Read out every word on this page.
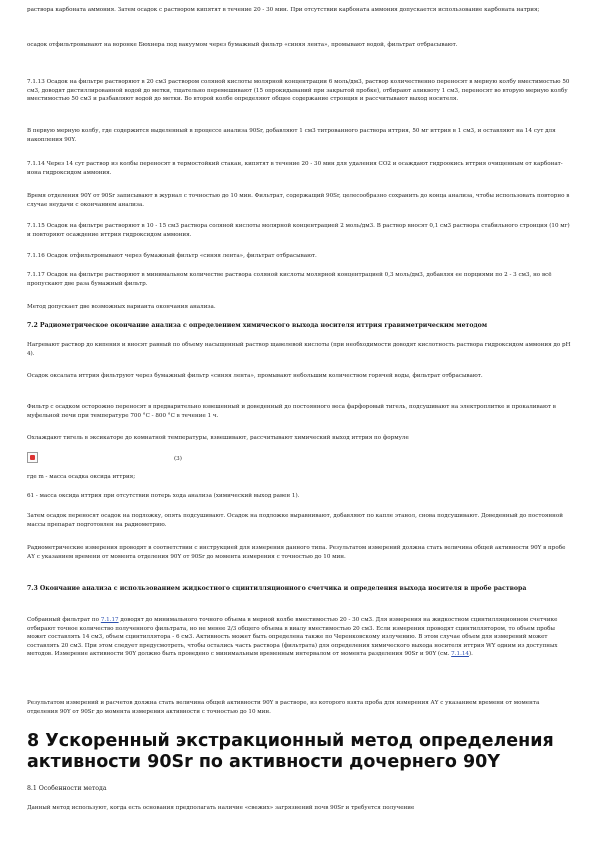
раствора карбоната аммония. Затем осадок с раствором кипятят в течение 20 - 30 мин. При отсутствии карбоната аммония допускается использование карбоната натрия;

осадок отфильтровывают на воронке Бюхнера под вакуумом через бумажный фильтр «синяя лента», промывают водой, фильтрат отбрасывают.

7.1.13 Осадок на фильтре растворяют в 20 см3 раствором соляной кислоты молярной концентрации 6 моль/дм3, раствор количественно переносят в мерную колбу вместимостью 50 см3, доводят дистиллированной водой до метки, тщательно перемешивают (15 опрокидываний при закрытой пробке), отбирают аликвоту 1 см3, переносят во вторую мерную колбу вместимостью 50 см3 и разбавляют водой до метки. Во второй колбе определяют общее содержание стронция и рассчитывают выход носителя.

В первую мерную колбу, где содержится выделенный в процессе анализа 90Sr, добавляют 1 см3 титрованного раствора иттрия, 50 мг иттрия в 1 см3, и оставляют на 14 сут для накопления 90Y.

7.1.14 Через 14 сут раствор из колбы переносят в термостойкий стакан, кипятят в течение 20 - 30 мин для удаления CO2 и осаждают гидроокись иттрия очищенным от карбонат-иона гидроксидом аммония.

Время отделения 90Y от 90Sr записывают в журнал с точностью до 10 мин. Фильтрат, содержащий 90Sr, целесообразно сохранить до конца анализа, чтобы использовать повторно в случае неудачи с окончанием анализа.

7.1.15 Осадок на фильтре растворяют в 10 - 15 см3 раствора соляной кислоты молярной концентрацией 2 моль/дм3. В раствор вносят 0,1 см3 раствора стабильного стронция (10 мг) и повторяют осаждение иттрия гидроксидом аммония.

7.1.16 Осадок отфильтровывают через бумажный фильтр «синяя лента», фильтрат отбрасывают.

7.1.17 Осадок на фильтре растворяют в минимальном количестве раствора соляной кислоты молярной концентрацией 0,3 моль/дм3, добавляя ее порциями по 2 - 3 см3, но всё пропускают две раза бумажный фильтр.

Метод допускает две возможных варианта окончания анализа.

7.2 Радиометрическое окончание анализа с определением химического выхода носителя иттрия гравиметрическим методом

Нагревают раствор до кипения и вносят равный по объему насыщенный раствор щавелевой кислоты (при необходимости доводят кислотность раствора гидроксидом аммония до pH 4).

Осадок оксалата иттрия фильтруют через бумажный фильтр «синяя лента», промывают небольшим количеством горячей воды, фильтрат отбрасывают.

Фильтр с осадком осторожно переносят в предварительно взвешенный и доведенный до постоянного веса фарфоровый тигель, подсушивают на электроплитке и прокаливают в муфельной печи при температуре 700 °С - 800 °С в течение 1 ч.

Охлаждают тигель в эксикаторе до комнатной температуры, взвешивают, рассчитывают химический выход иттрия по формуле

(3)

где m - масса осадка оксида иттрия;

61 - масса оксида иттрия при отсутствии потерь хода анализа (химический выход равен 1).

Затем осадок переносят осадок на подложку, опять подсушивают. Осадок на подложке выравнивают, добавляют по капле этанол, снова подсушивают. Доведенный до постоянной массы препарат подготовлен на радиометрию.

Радиометрические измерения проводят в соответствии с инструкцией для измерения данного типа. Результатом измерений должна стать величина общей активности 90Y в пробе АY с указанием времени от момента отделения 90Y от 90Sr до момента измерения с точностью до 10 мин.

7.3 Окончание анализа с использованием жидкостного сцинтилляционного счетчика и определения выхода носителя в пробе раствора

Собранный фильтрат по 7.1.17 доводят до минимального точного объема в мерной колбе вместимостью 20 - 30 см3. Для измерения на жидкостном сцинтилляционном счетчике отбирают точное количество полученного фильтрата, но не менее 2/3 общего объема в виалу вместимостью 20 см3. Если измерения проводят сцинтиллятором, то объем пробы может составлять 14 см3, объем сцинтиллятора - 6 см3. Активность может быть определена также по Черенковскому излучению. В этом случае объем для измерений может составлять 20 см3. При этом следует предусмотреть, чтобы остались часть раствора (фильтрата) для определения химического выхода носителя иттрия WY одним из доступных методов. Измерение активности 90Y должно быть проведено с минимальным временным интервалом от момента разделения 90Sr и 90Y (см. 7.1.14).

Результатом измерений и расчетов должна стать величина общей активности 90Y в растворе, из которого взята проба для измерения АY с указанием времени от момента отделения 90Y от 90Sr до момента измерения активности с точностью до 10 мин.

8 Ускоренный экстракционный метод определения активности 90Sr по активности дочернего 90Y

8.1 Особенности метода

Данный метод используют, когда есть основания предполагать наличие «свежих» загрязнений почв 90Sr и требуется получение
